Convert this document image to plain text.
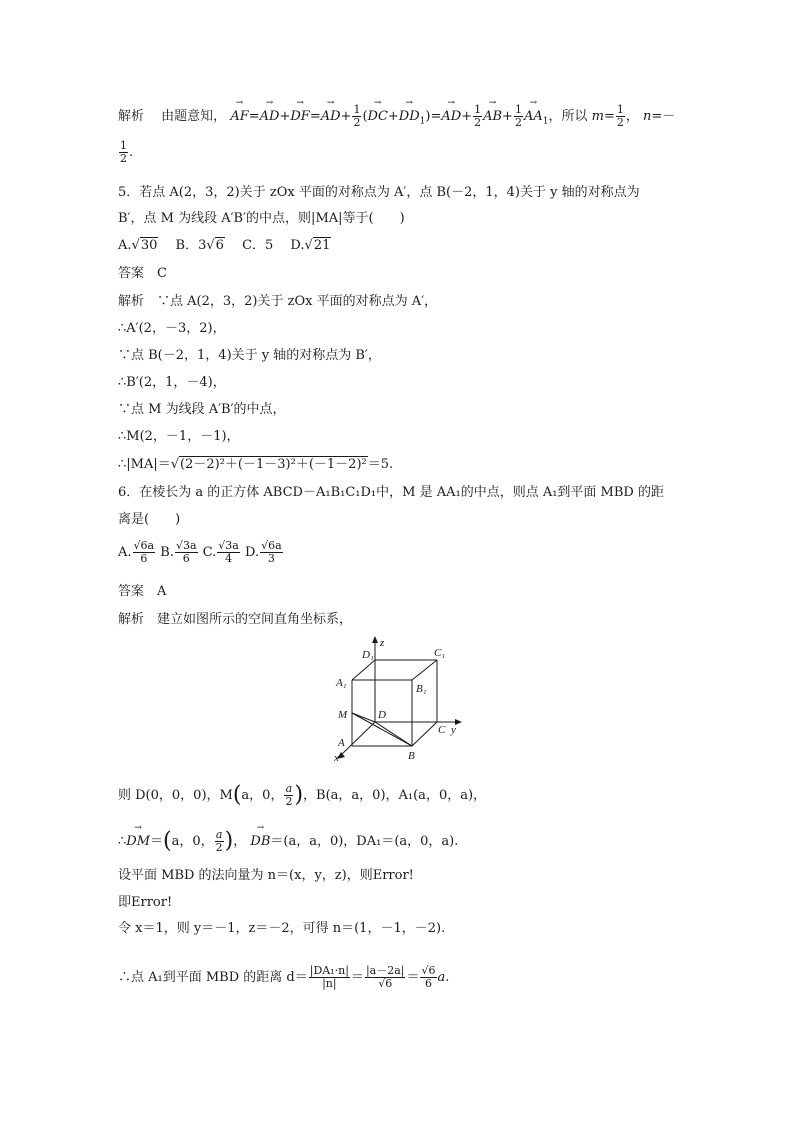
解析　 由题意知， → $AF=\to AD+\to DF=\to AD+ \frac{1}{2}$ (→ $DC+\to DD_1)=\to AD+ \frac{1}{2}$
→ $AB+ \frac{1}{2}$
→ $AA_1$，所以 $m= \frac{1}{2}$ ， n=－
$\frac{1}{2}$ .
5．若点 A(2，3，2)关于 zOx 平面的对称点为 A′，点 B(－2，1，4)关于 y 轴的对称点为
B′，点 M 为线段 A′B′的中点，则|MA|等于(　　)
A.√30　 B．3√6　 C．5　 D.√21
答案　C
解析　∵点 A(2，3，2)关于 zOx 平面的对称点为 A′，
∴A′(2，－3，2)，
∵点 B(－2，1，4)关于 y 轴的对称点为 B′，
∴B′(2，1，－4)，
∵点 M 为线段 A′B′的中点，
∴M(2，－1，－1)，
∴|MA|＝√(2－2)²＋(－1－3)²＋(－1－2)²＝5.
6．在棱长为 a 的正方体 ABCD－A₁B₁C₁D₁中，M 是 AA₁的中点，则点 A₁到平面 MBD 的距
离是(　　)
A. $\frac{√6a}{6} B$. $\frac{√3a}{6} C$. $\frac{√3a}{4} D$. $\frac{√6a}{3}$
答案　A
解析　建立如图所示的空间直角坐标系，
z
y
x
D₁	C₁
A₁	B₁
M	D
C
A
B
则 D(0，0，0)，M(a，0， $\frac{a}{2}$ )，B(a，a，0)，A₁(a，0，a)，
∴→ DM＝(a，0， $\frac{a}{2}$ )， → DB＝(a，a，0)，DA₁＝(a，0，a).
设平面 MBD 的法向量为 n＝(x，y，z)，则Error!
即Error!
令 x＝1，则 y＝－1，z＝－2，可得 n＝(1，－1，－2).
∴点 A₁到平面 MBD 的距离 $d= \frac{\text{|DA₁·n|}}{|n|} = \frac{|a-2a|}{√6} = \frac{√6}{6} a$.
